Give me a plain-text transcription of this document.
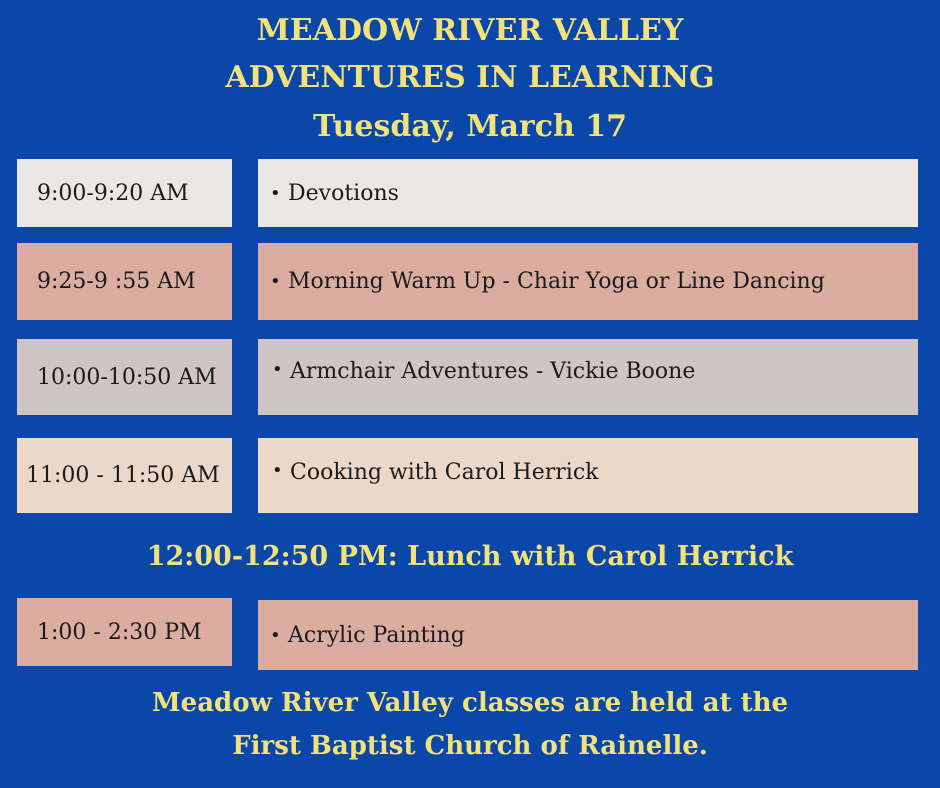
MEADOW RIVER VALLEY
ADVENTURES IN LEARNING
Tuesday, March 17
9:00-9:20 AM	• Devotions
9:25-9 :55 AM	• Morning Warm Up - Chair Yoga or Line Dancing
10:00-10:50 AM	• Armchair Adventures - Vickie Boone
11:00 - 11:50 AM	• Cooking with Carol Herrick
12:00-12:50 PM: Lunch with Carol Herrick
1:00 - 2:30 PM	• Acrylic Painting
Meadow River Valley classes are held at the
First Baptist Church of Rainelle.
